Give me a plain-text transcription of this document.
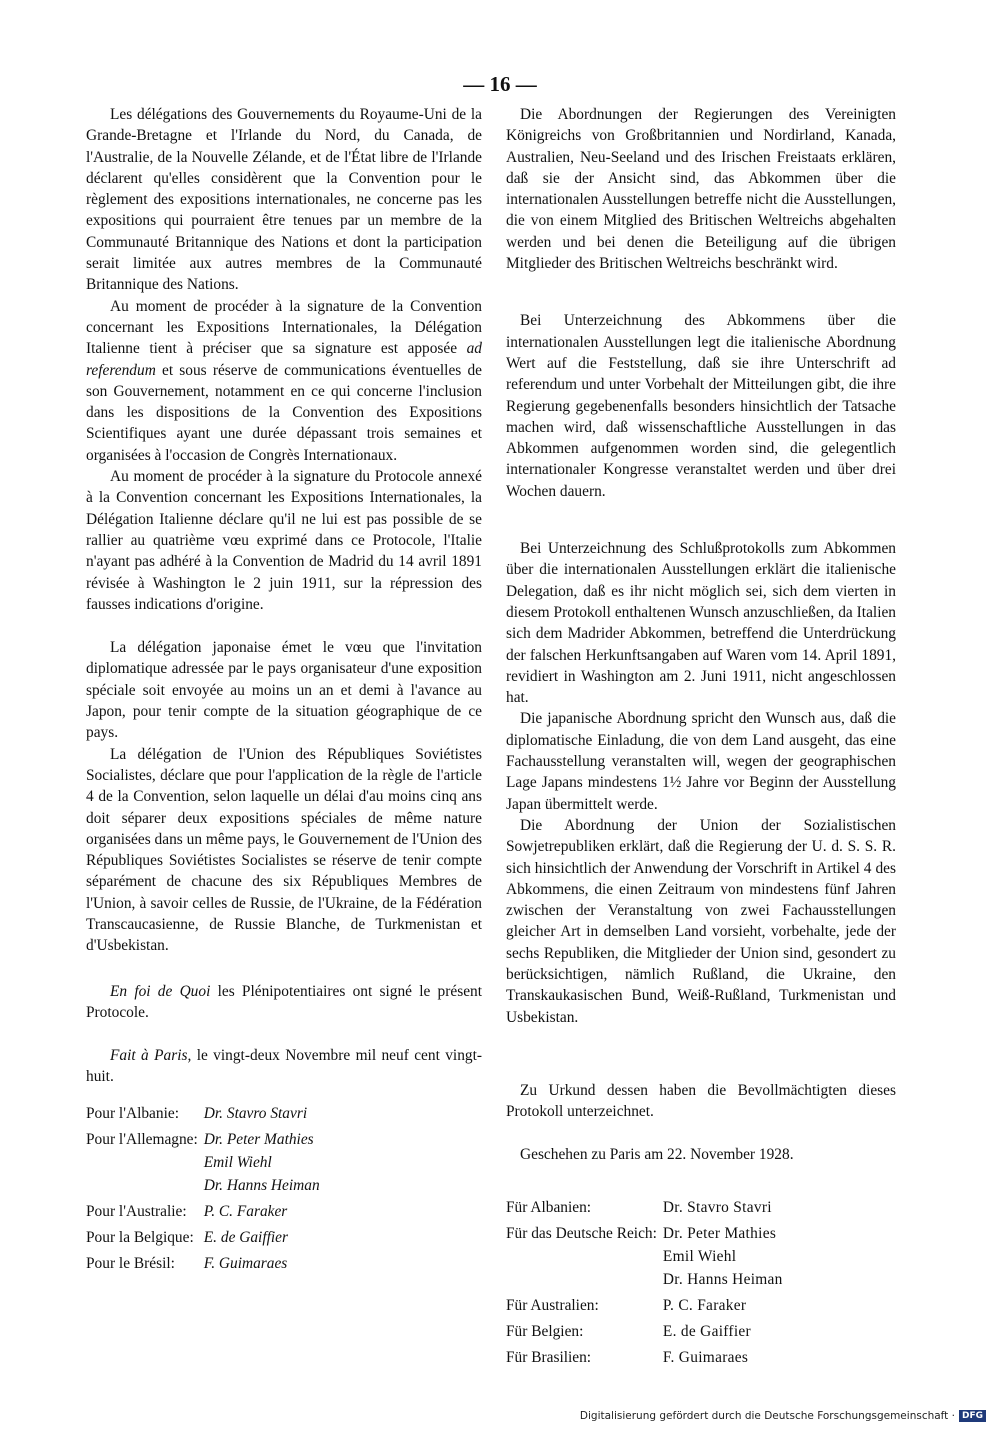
— 16 —

Les délégations des Gouvernements du Royaume-Uni de la Grande-Bretagne et l'Irlande du Nord, du Canada, de l'Australie, de la Nouvelle Zélande, et de l'État libre de l'Irlande déclarent qu'elles considèrent que la Convention pour le règlement des expositions internationales, ne concerne pas les expositions qui pourraient être tenues par un membre de la Communauté Britannique des Nations et dont la participation serait limitée aux autres membres de la Communauté Britannique des Nations.

Au moment de procéder à la signature de la Convention concernant les Expositions Internationales, la Délégation Italienne tient à préciser que sa signature est apposée ad referendum et sous réserve de communications éventuelles de son Gouvernement, notamment en ce qui concerne l'inclusion dans les dispositions de la Convention des Expositions Scientifiques ayant une durée dépassant trois semaines et organisées à l'occasion de Congrès Internationaux.

Au moment de procéder à la signature du Protocole annexé à la Convention concernant les Expositions Internationales, la Délégation Italienne déclare qu'il ne lui est pas possible de se rallier au quatrième vœu exprimé dans ce Protocole, l'Italie n'ayant pas adhéré à la Convention de Madrid du 14 avril 1891 révisée à Washington le 2 juin 1911, sur la répression des fausses indications d'origine.

La délégation japonaise émet le vœu que l'invitation diplomatique adressée par le pays organisateur d'une exposition spéciale soit envoyée au moins un an et demi à l'avance au Japon, pour tenir compte de la situation géographique de ce pays.

La délégation de l'Union des Républiques Soviétistes Socialistes, déclare que pour l'application de la règle de l'article 4 de la Convention, selon laquelle un délai d'au moins cinq ans doit séparer deux expositions spéciales de même nature organisées dans un même pays, le Gouvernement de l'Union des Républiques Soviétistes Socialistes se réserve de tenir compte séparément de chacune des six Républiques Membres de l'Union, à savoir celles de Russie, de l'Ukraine, de la Fédération Transcaucasienne, de Russie Blanche, de Turkmenistan et d'Usbekistan.

En foi de Quoi les Plénipotentiaires ont signé le présent Protocole.

Fait à Paris, le vingt-deux Novembre mil neuf cent vingt-huit.

Pour l'Albanie:	Dr. Stavro Stavri

Pour l'Allemagne:	Dr. Peter Mathies
Emil Wiehl
Dr. Hanns Heiman

Pour l'Australie:	P. C. Faraker

Pour la Belgique:	E. de Gaiffier

Pour le Brésil:	F. Guimaraes

Die Abordnungen der Regierungen des Vereinigten Königreichs von Großbritannien und Nordirland, Kanada, Australien, Neu-Seeland und des Irischen Freistaats erklären, daß sie der Ansicht sind, das Abkommen über die internationalen Ausstellungen betreffe nicht die Ausstellungen, die von einem Mitglied des Britischen Weltreichs abgehalten werden und bei denen die Beteiligung auf die übrigen Mitglieder des Britischen Weltreichs beschränkt wird.

Bei Unterzeichnung des Abkommens über die internationalen Ausstellungen legt die italienische Abordnung Wert auf die Feststellung, daß sie ihre Unterschrift ad referendum und unter Vorbehalt der Mitteilungen gibt, die ihre Regierung gegebenenfalls besonders hinsichtlich der Tatsache machen wird, daß wissenschaftliche Ausstellungen in das Abkommen aufgenommen worden sind, die gelegentlich internationaler Kongresse veranstaltet werden und über drei Wochen dauern.

Bei Unterzeichnung des Schlußprotokolls zum Abkommen über die internationalen Ausstellungen erklärt die italienische Delegation, daß es ihr nicht möglich sei, sich dem vierten in diesem Protokoll enthaltenen Wunsch anzuschließen, da Italien sich dem Madrider Abkommen, betreffend die Unterdrückung der falschen Herkunftsangaben auf Waren vom 14. April 1891, revidiert in Washington am 2. Juni 1911, nicht angeschlossen hat.

Die japanische Abordnung spricht den Wunsch aus, daß die diplomatische Einladung, die von dem Land ausgeht, das eine Fachausstellung veranstalten will, wegen der geographischen Lage Japans mindestens 1½ Jahre vor Beginn der Ausstellung Japan übermittelt werde.

Die Abordnung der Union der Sozialistischen Sowjetrepubliken erklärt, daß die Regierung der U. d. S. S. R. sich hinsichtlich der Anwendung der Vorschrift in Artikel 4 des Abkommens, die einen Zeitraum von mindestens fünf Jahren zwischen der Veranstaltung von zwei Fachausstellungen gleicher Art in demselben Land vorsieht, vorbehalte, jede der sechs Republiken, die Mitglieder der Union sind, gesondert zu berücksichtigen, nämlich Rußland, die Ukraine, den Transkaukasischen Bund, Weiß-Rußland, Turkmenistan und Usbekistan.

Zu Urkund dessen haben die Bevollmächtigten dieses Protokoll unterzeichnet.

Geschehen zu Paris am 22. November 1928.

Für Albanien:	Dr. Stavro Stavri

Für das Deutsche Reich:	Dr. Peter Mathies
Emil Wiehl
Dr. Hanns Heiman

Für Australien:	P. C. Faraker

Für Belgien:	E. de Gaiffier

Für Brasilien:	F. Guimaraes
Digitalisierung gefördert durch die Deutsche Forschungsgemeinschaft · DFG
